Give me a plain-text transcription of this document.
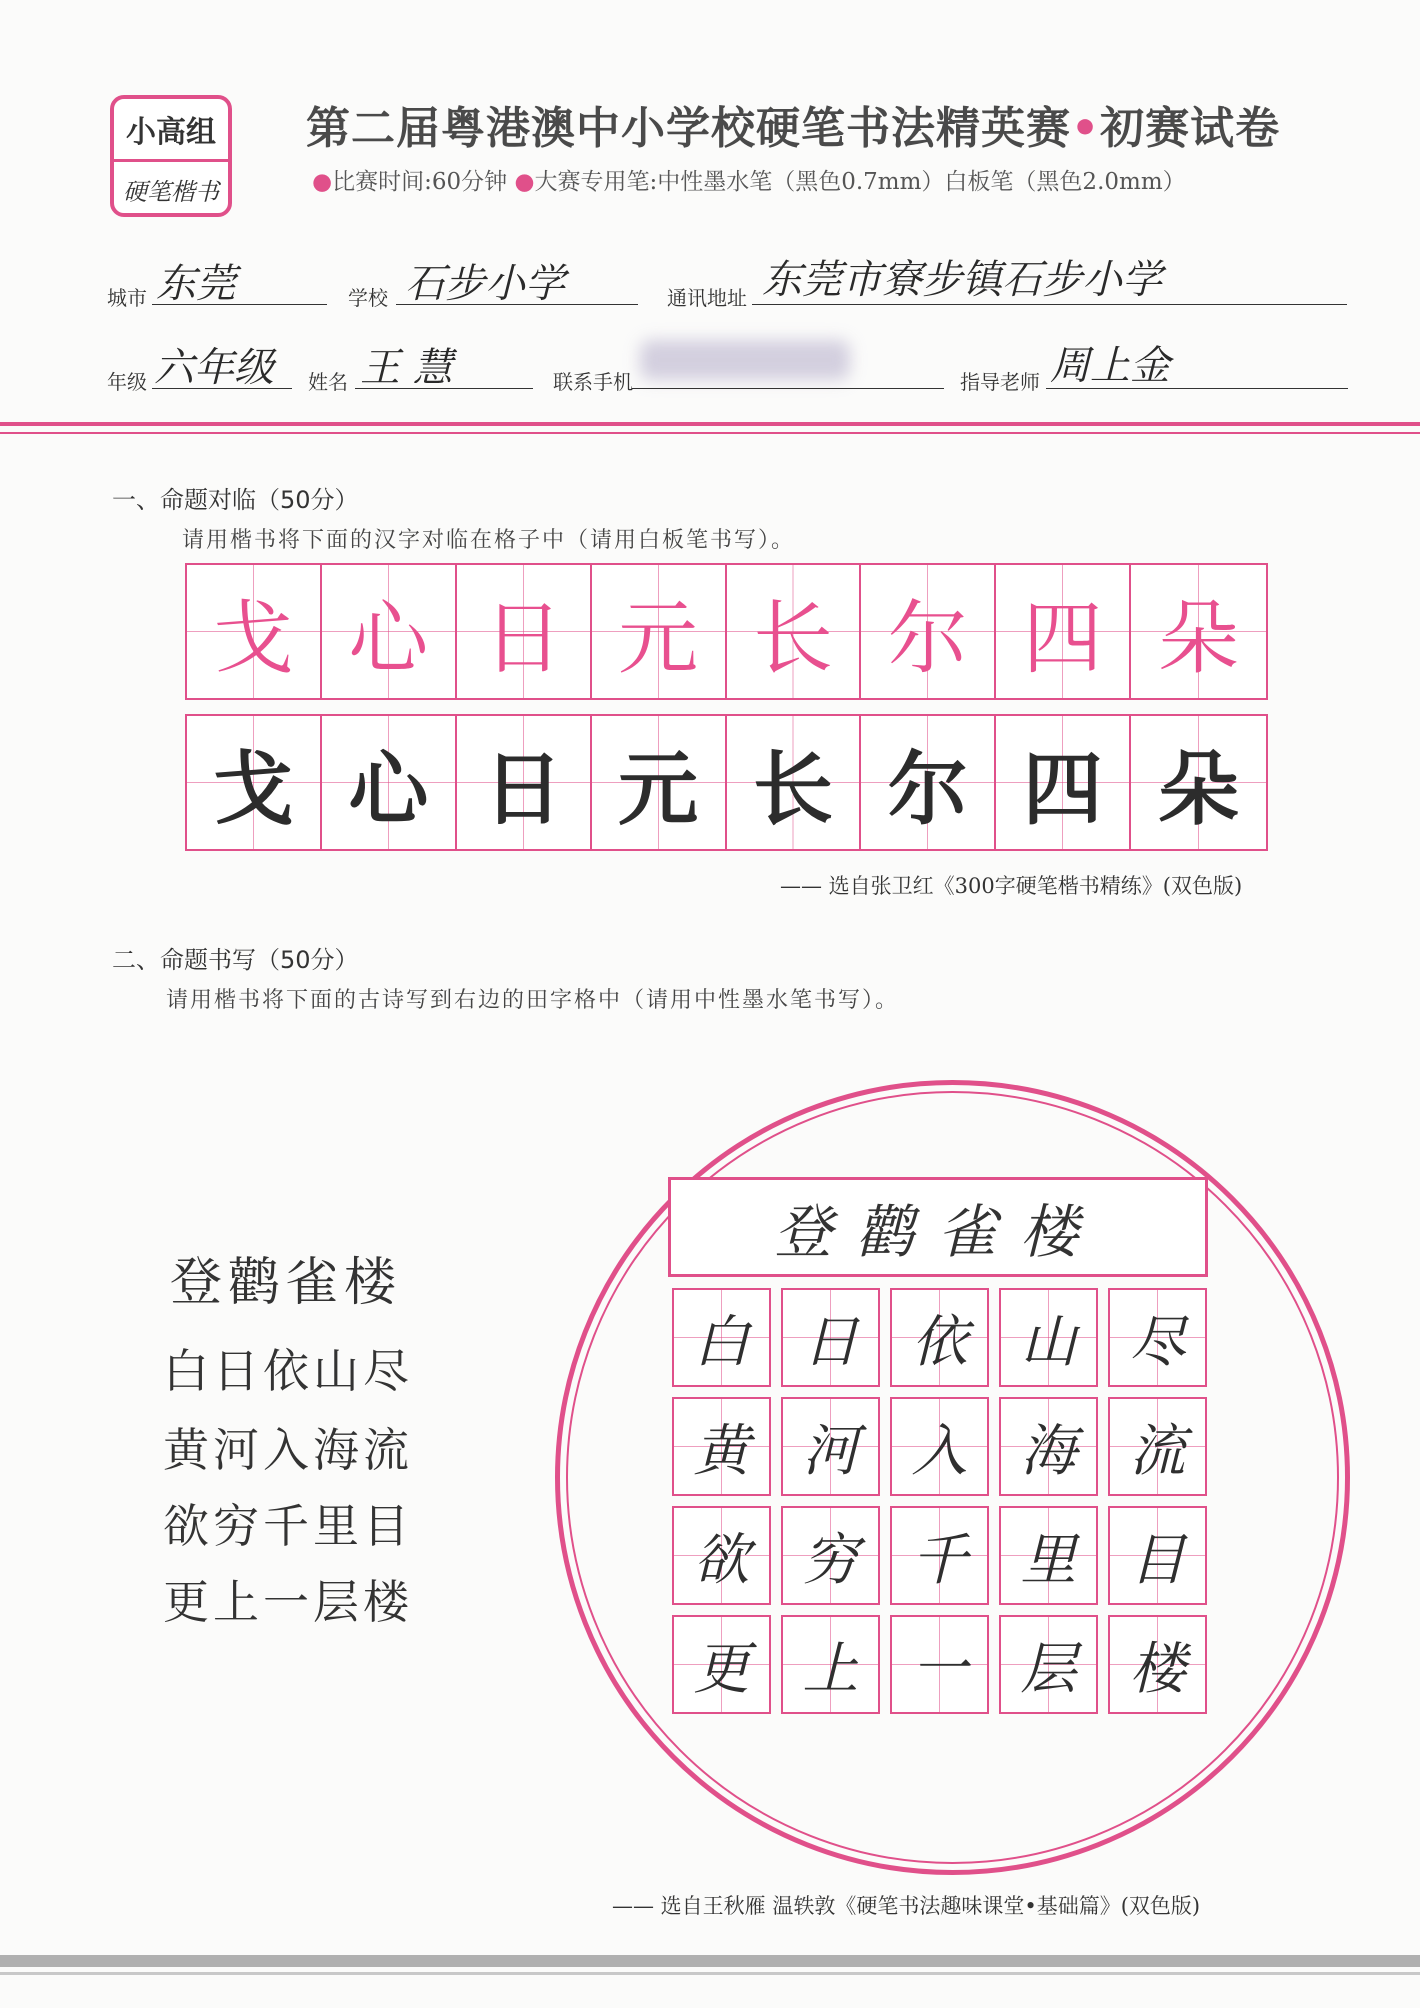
小高组
硬笔楷书
第二届粤港澳中小学校硬笔书法精英赛•初赛试卷
●比赛时间:60分钟 ●大赛专用笔:中性墨水笔（黑色0.7mm）白板笔（黑色2.0mm）
城市 东莞	学校 石步小学	通讯地址 东莞市寮步镇石步小学
年级 六年级 姓名 王 慧	联系手机	指导老师 周上金
一、命题对临（50分）
请用楷书将下面的汉字对临在格子中（请用白板笔书写）。
戈 心 日 元 长 尔 四 朵
戈 心 日 元 长 尔 四 朵
—— 选自张卫红《300字硬笔楷书精练》(双色版)
二、命题书写（50分）
请用楷书将下面的古诗写到右边的田字格中（请用中性墨水笔书写）。
登鹳雀楼
白日依山尽
黄河入海流
欲穷千里目
更上一层楼
登鹳雀楼
白 日 依 山 尽
黄 河 入 海 流
欲 穷 千 里 目
更 上 一 层 楼
—— 选自王秋雁 温轶敦《硬笔书法趣味课堂•基础篇》(双色版)
